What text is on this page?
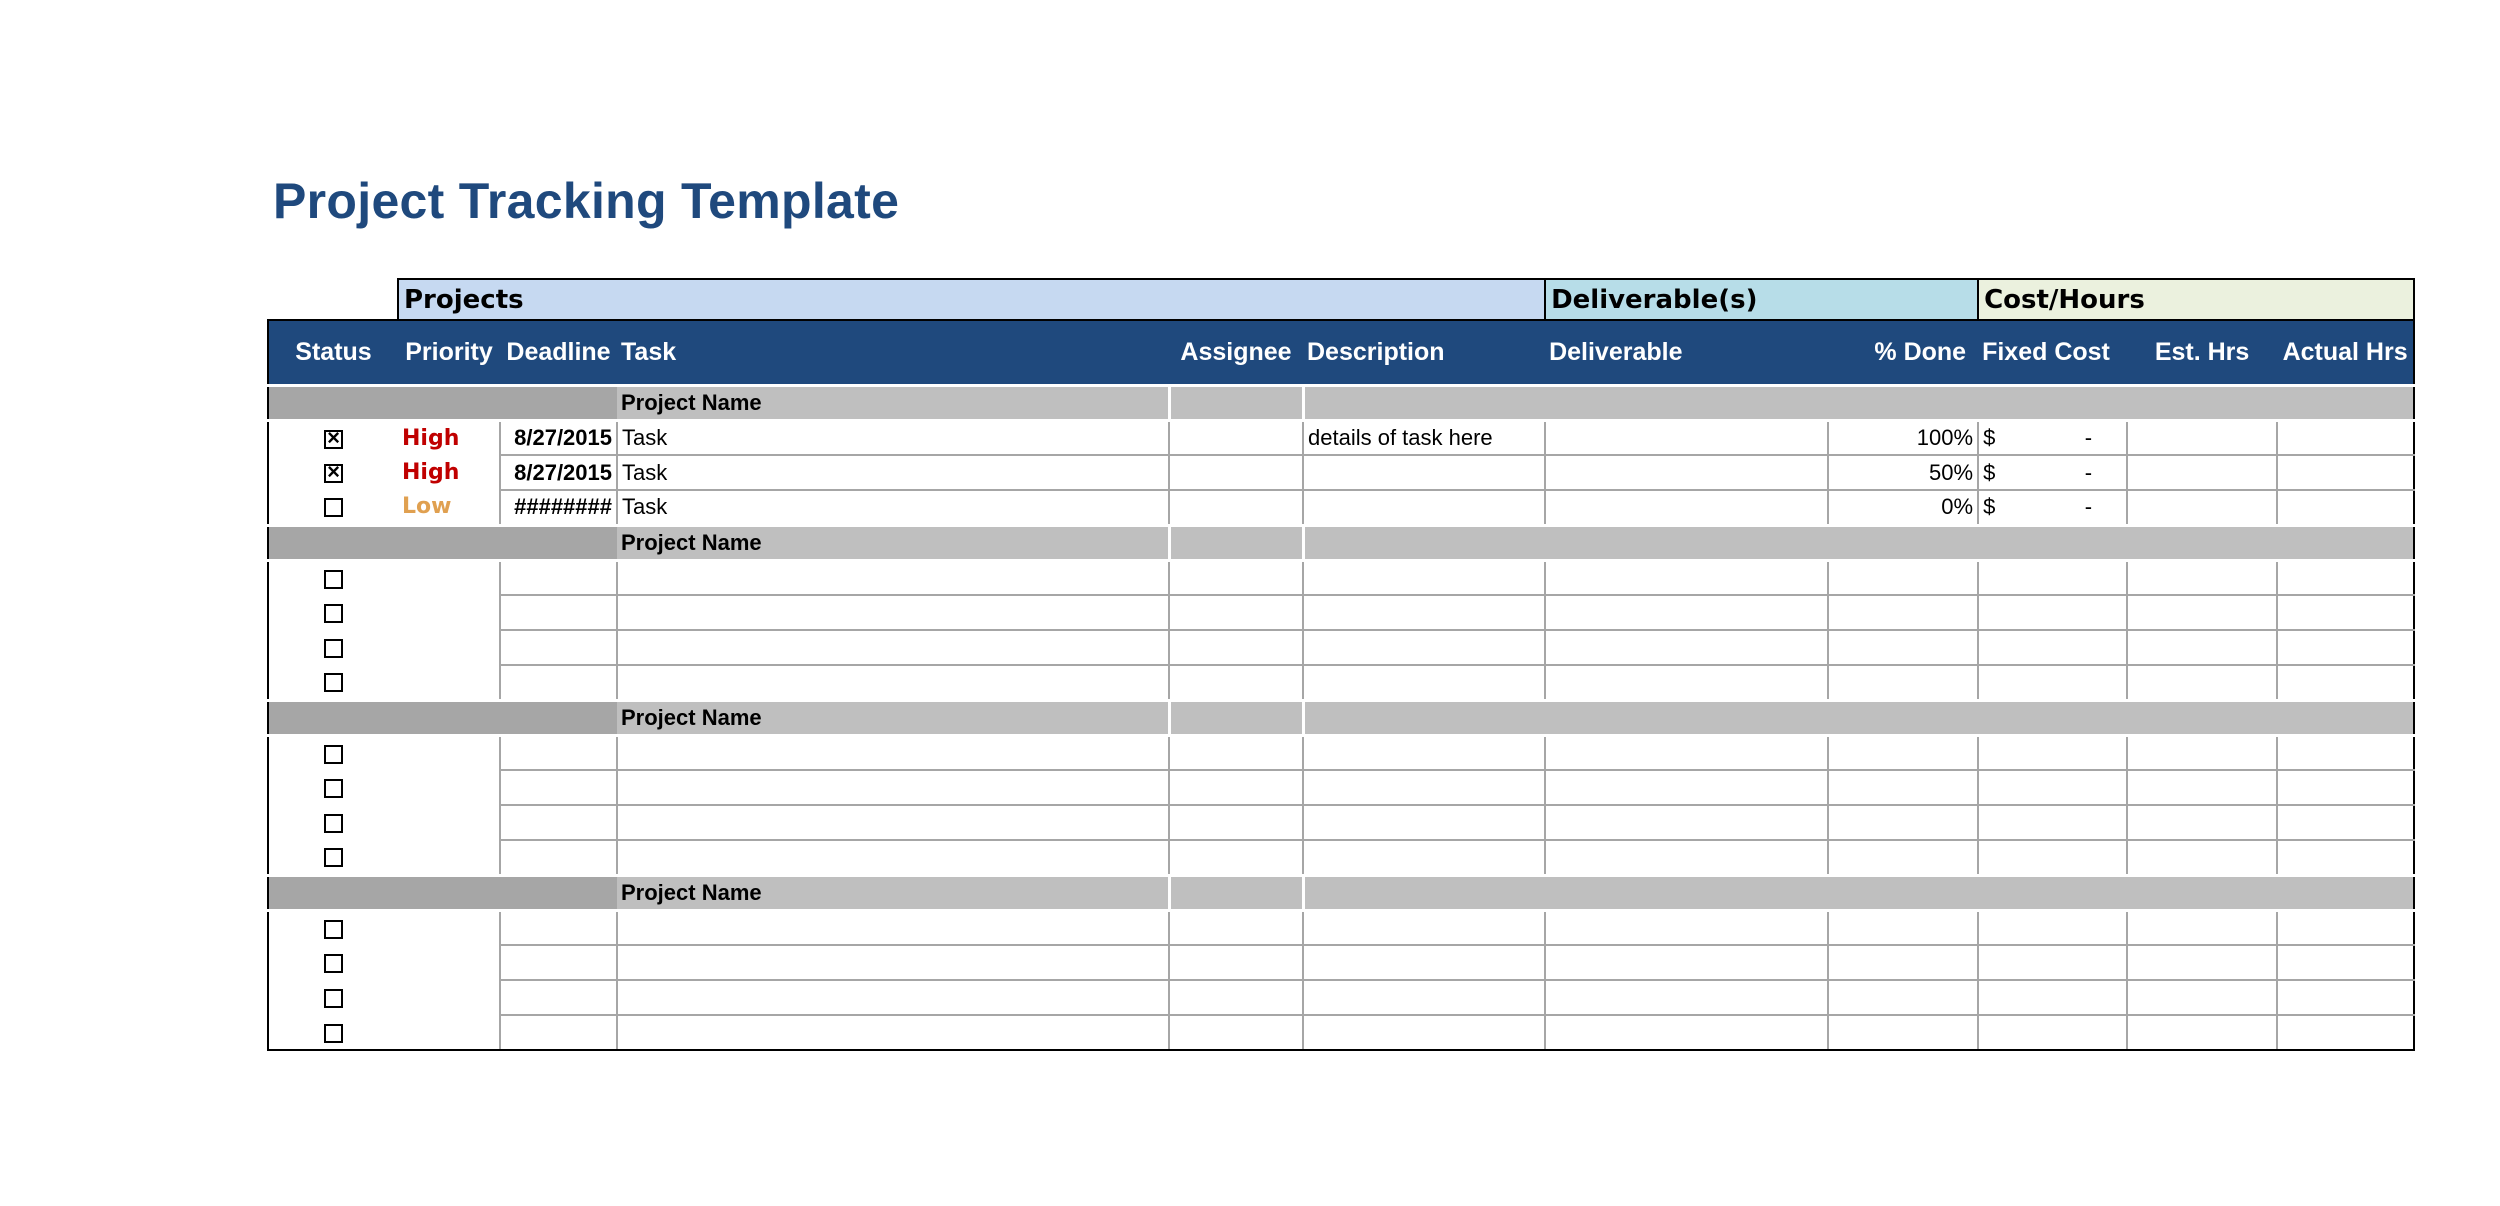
Project Tracking Template
	Projects					Deliverable(s)		Cost/Hours		
Status	Priority	Deadline	Task	Assignee	Description	Deliverable	% Done	Fixed Cost	Est. Hrs	Actual Hrs
			Project Name							
×	High	8/27/2015	Task		details of task here		100%	$ -		

×	High	8/27/2015	Task				50%	$ -		

	Low	########	Task				0%	$ -		

			Project Name							

			Project Name							

			Project Name							
